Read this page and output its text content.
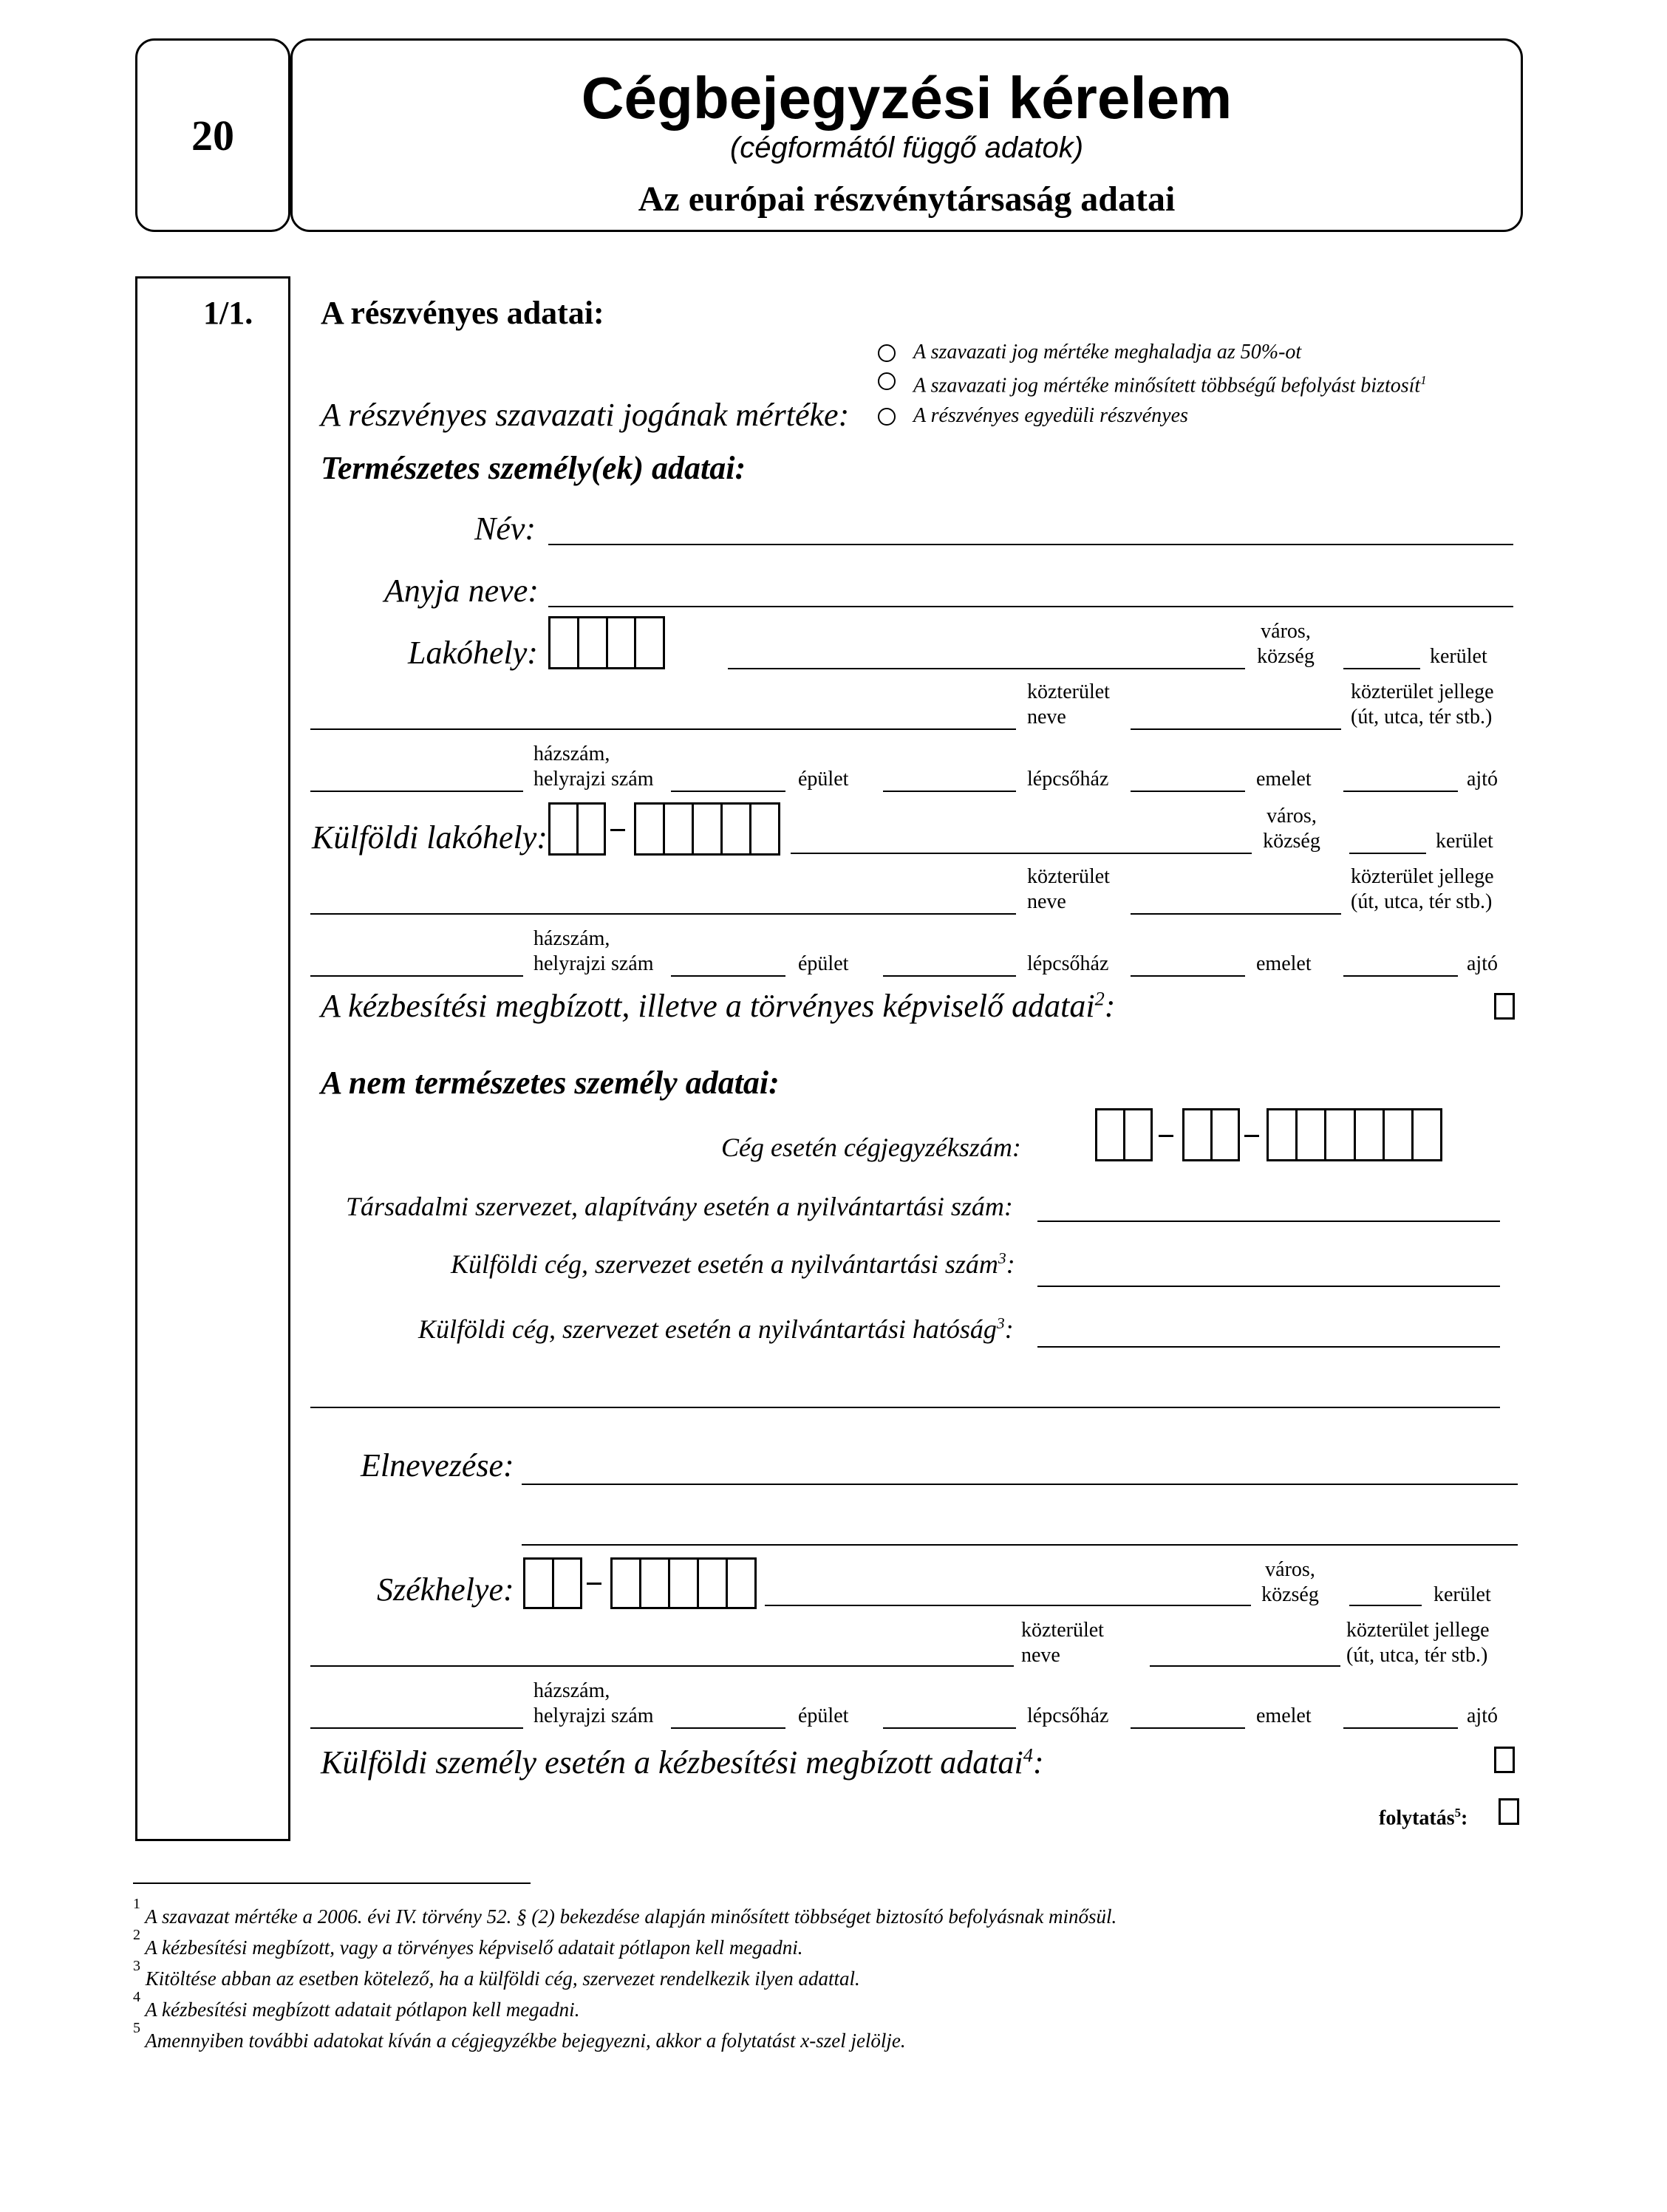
20
Cégbejegyzési kérelem
(cégformától függő adatok)
Az európai részvénytársaság adatai
1/1. A részvényes adatai:
A részvényes szavazati jogának mértéke:
A szavazati jog mértéke meghaladja az 50%-ot
A szavazati jog mértéke minősített többségű befolyást biztosít$^1$
A részvényes egyedüli részvényes
Természetes személy(ek) adatai:
Név:
Anyja neve:
Lakóhely:
város,
község	kerület
közterület
neve
közterület jellege
(út, utca, tér stb.)
házszám,
helyrajzi szám	épület	lépcsőház	emelet	ajtó
Külföldi lakóhely:
város,
község	kerület
közterület
neve
közterület jellege
(út, utca, tér stb.)
házszám,
helyrajzi szám	épület	lépcsőház	emelet	ajtó
A kézbesítési megbízott, illetve a törvényes képviselő adatai$^2$:
A nem természetes személy adatai:
Cég esetén cégjegyzékszám:
Társadalmi szervezet, alapítvány esetén a nyilvántartási szám:
Külföldi cég, szervezet esetén a nyilvántartási szám$^3$:
Külföldi cég, szervezet esetén a nyilvántartási hatóság$^3$:
Elnevezése:
Székhelye:
város,
község	kerület
közterület
neve
közterület jellege
(út, utca, tér stb.)
házszám,
helyrajzi szám	épület	lépcsőház	emelet	ajtó
Külföldi személy esetén a kézbesítési megbízott adatai$^4$:
folytatás$^5$:
$^1$ A szavazat mértéke a 2006. évi IV. törvény 52. § (2) bekezdése alapján minősített többséget biztosító befolyásnak minősül.
$^2$ A kézbesítési megbízott, vagy a törvényes képviselő adatait pótlapon kell megadni.
$^3$ Kitöltése abban az esetben kötelező, ha a külföldi cég, szervezet rendelkezik ilyen adattal.
$^4$ A kézbesítési megbízott adatait pótlapon kell megadni.
$^5$ Amennyiben további adatokat kíván a cégjegyzékbe bejegyezni, akkor a folytatást x-szel jelölje.
